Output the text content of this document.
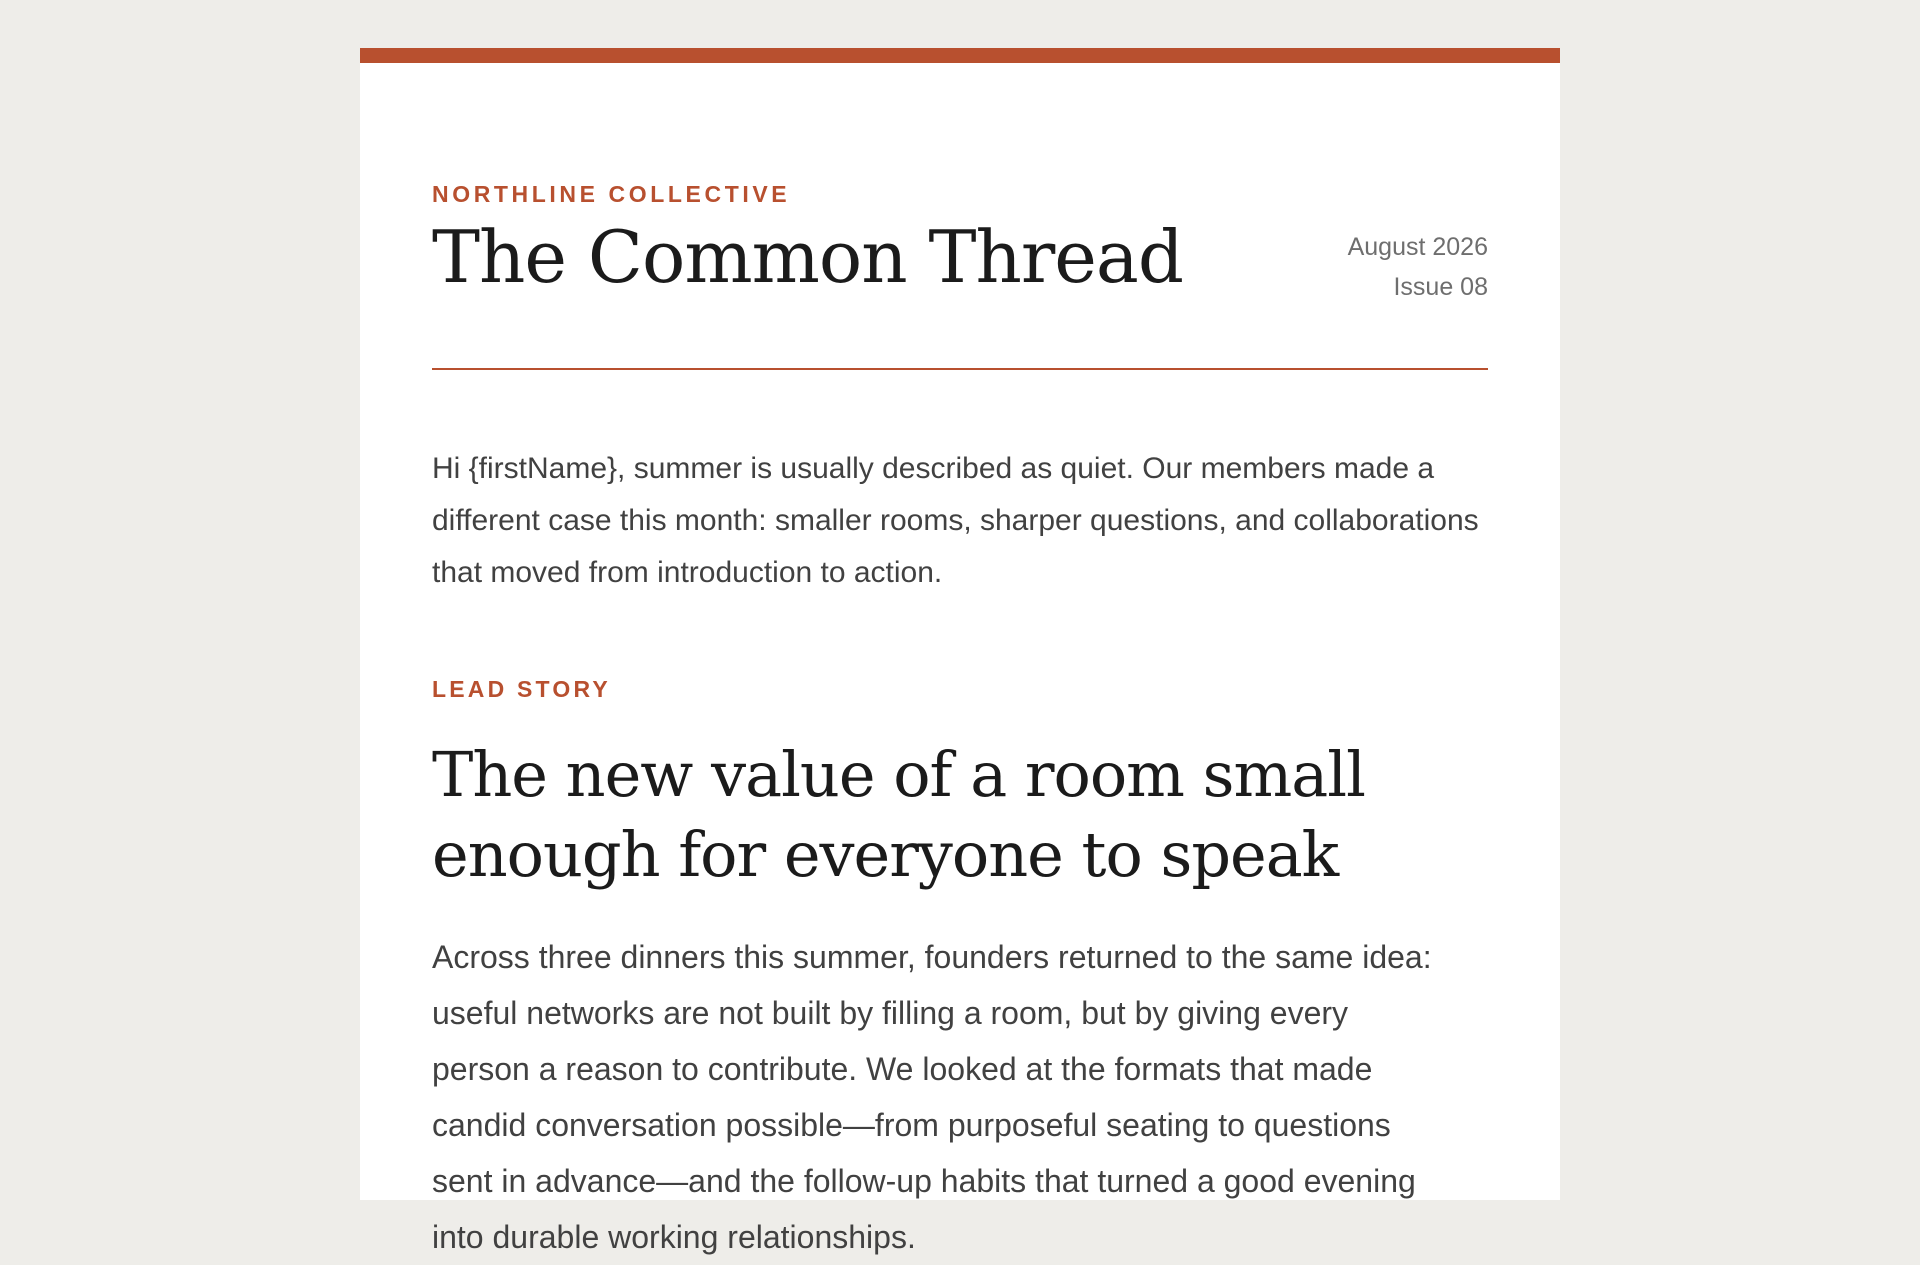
NORTHLINE COLLECTIVE
The Common Thread	August 2026
Issue 08

Hi {firstName}, summer is usually described as quiet. Our members made a different case this month: smaller rooms, sharper questions, and collaborations that moved from introduction to action.

LEAD STORY
The new value of a room small enough for everyone to speak

Across three dinners this summer, founders returned to the same idea: useful networks are not built by filling a room, but by giving every person a reason to contribute. We looked at the formats that made candid conversation possible—from purposeful seating to questions sent in advance—and the follow-up habits that turned a good evening into durable working relationships.
